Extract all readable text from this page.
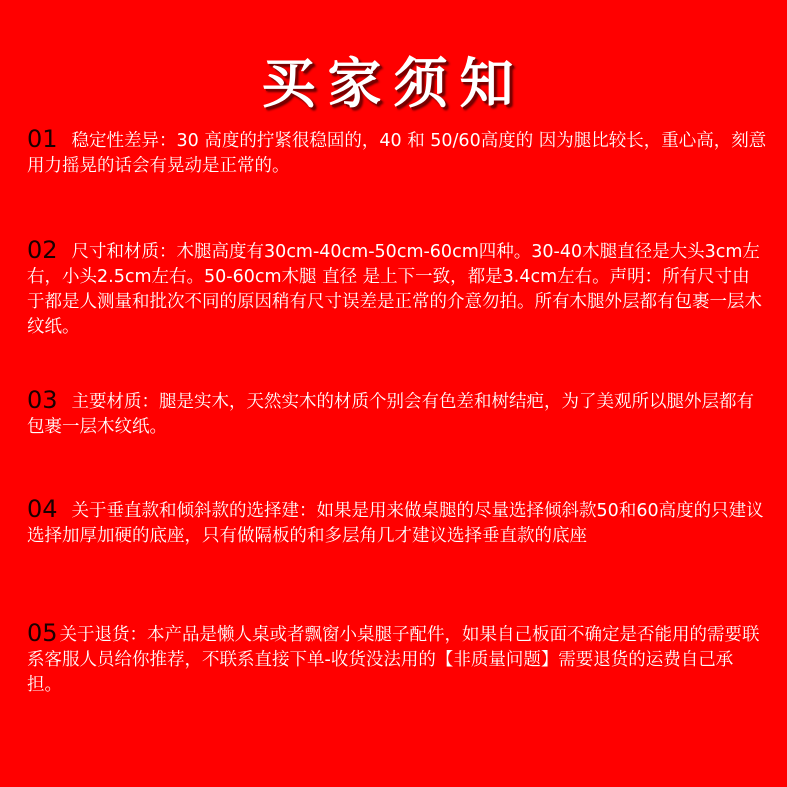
买家须知
01 稳定性差异：30 高度的拧紧很稳固的，40 和 50/60高度的 因为腿比较长，重心高，刻意用力摇晃的话会有晃动是正常的。
02 尺寸和材质：木腿高度有30cm-40cm-50cm-60cm四种。30-40木腿直径是大头3cm左右，小头2.5cm左右。50-60cm木腿 直径 是上下一致，都是3.4cm左右。声明：所有尺寸由于都是人测量和批次不同的原因稍有尺寸误差是正常的介意勿拍。所有木腿外层都有包裹一层木纹纸。
03 主要材质：腿是实木，天然实木的材质个别会有色差和树结疤，为了美观所以腿外层都有包裹一层木纹纸。
04 关于垂直款和倾斜款的选择建：如果是用来做桌腿的尽量选择倾斜款50和60高度的只建议选择加厚加硬的底座，只有做隔板的和多层角几才建议选择垂直款的底座
05 关于退货：本产品是懒人桌或者飘窗小桌腿子配件，如果自己板面不确定是否能用的需要联系客服人员给你推荐，不联系直接下单-收货没法用的【非质量问题】需要退货的运费自己承担。
